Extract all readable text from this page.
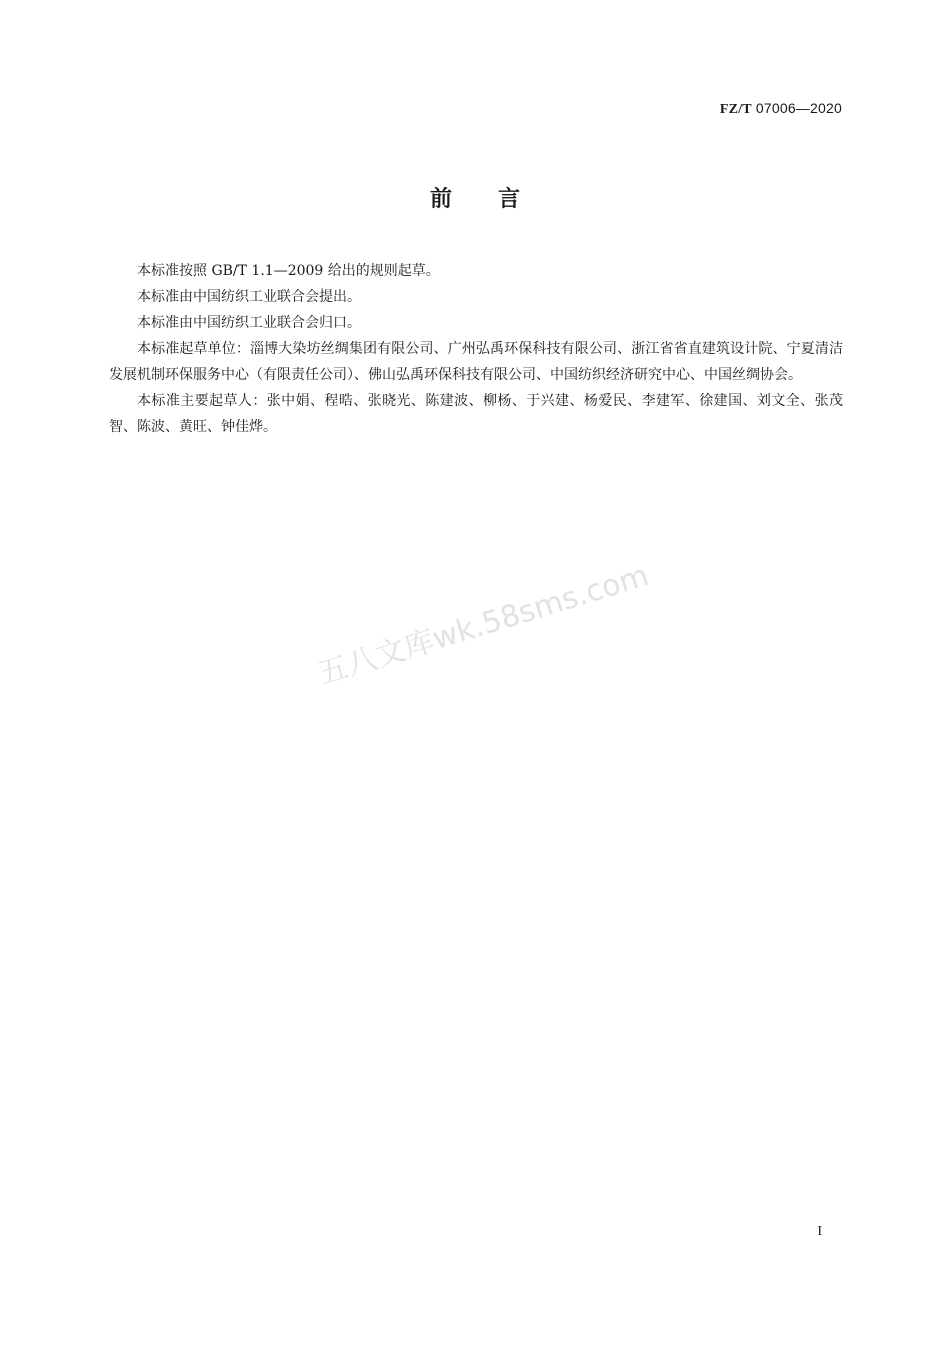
FZ/T 07006—2020
前言

本标准按照 GB/T 1.1—2009 给出的规则起草。

本标准由中国纺织工业联合会提出。

本标准由中国纺织工业联合会归口。

本标准起草单位：淄博大染坊丝绸集团有限公司、广州弘禹环保科技有限公司、浙江省省直建筑设计院、宁夏清洁发展机制环保服务中心（有限责任公司）、佛山弘禹环保科技有限公司、中国纺织经济研究中心、中国丝绸协会。

本标准主要起草人：张中娟、程晧、张晓光、陈建波、柳杨、于兴建、杨爱民、李建军、徐建国、刘文全、张茂智、陈波、黄旺、钟佳烨。

五八文库wk.58sms.com
I
